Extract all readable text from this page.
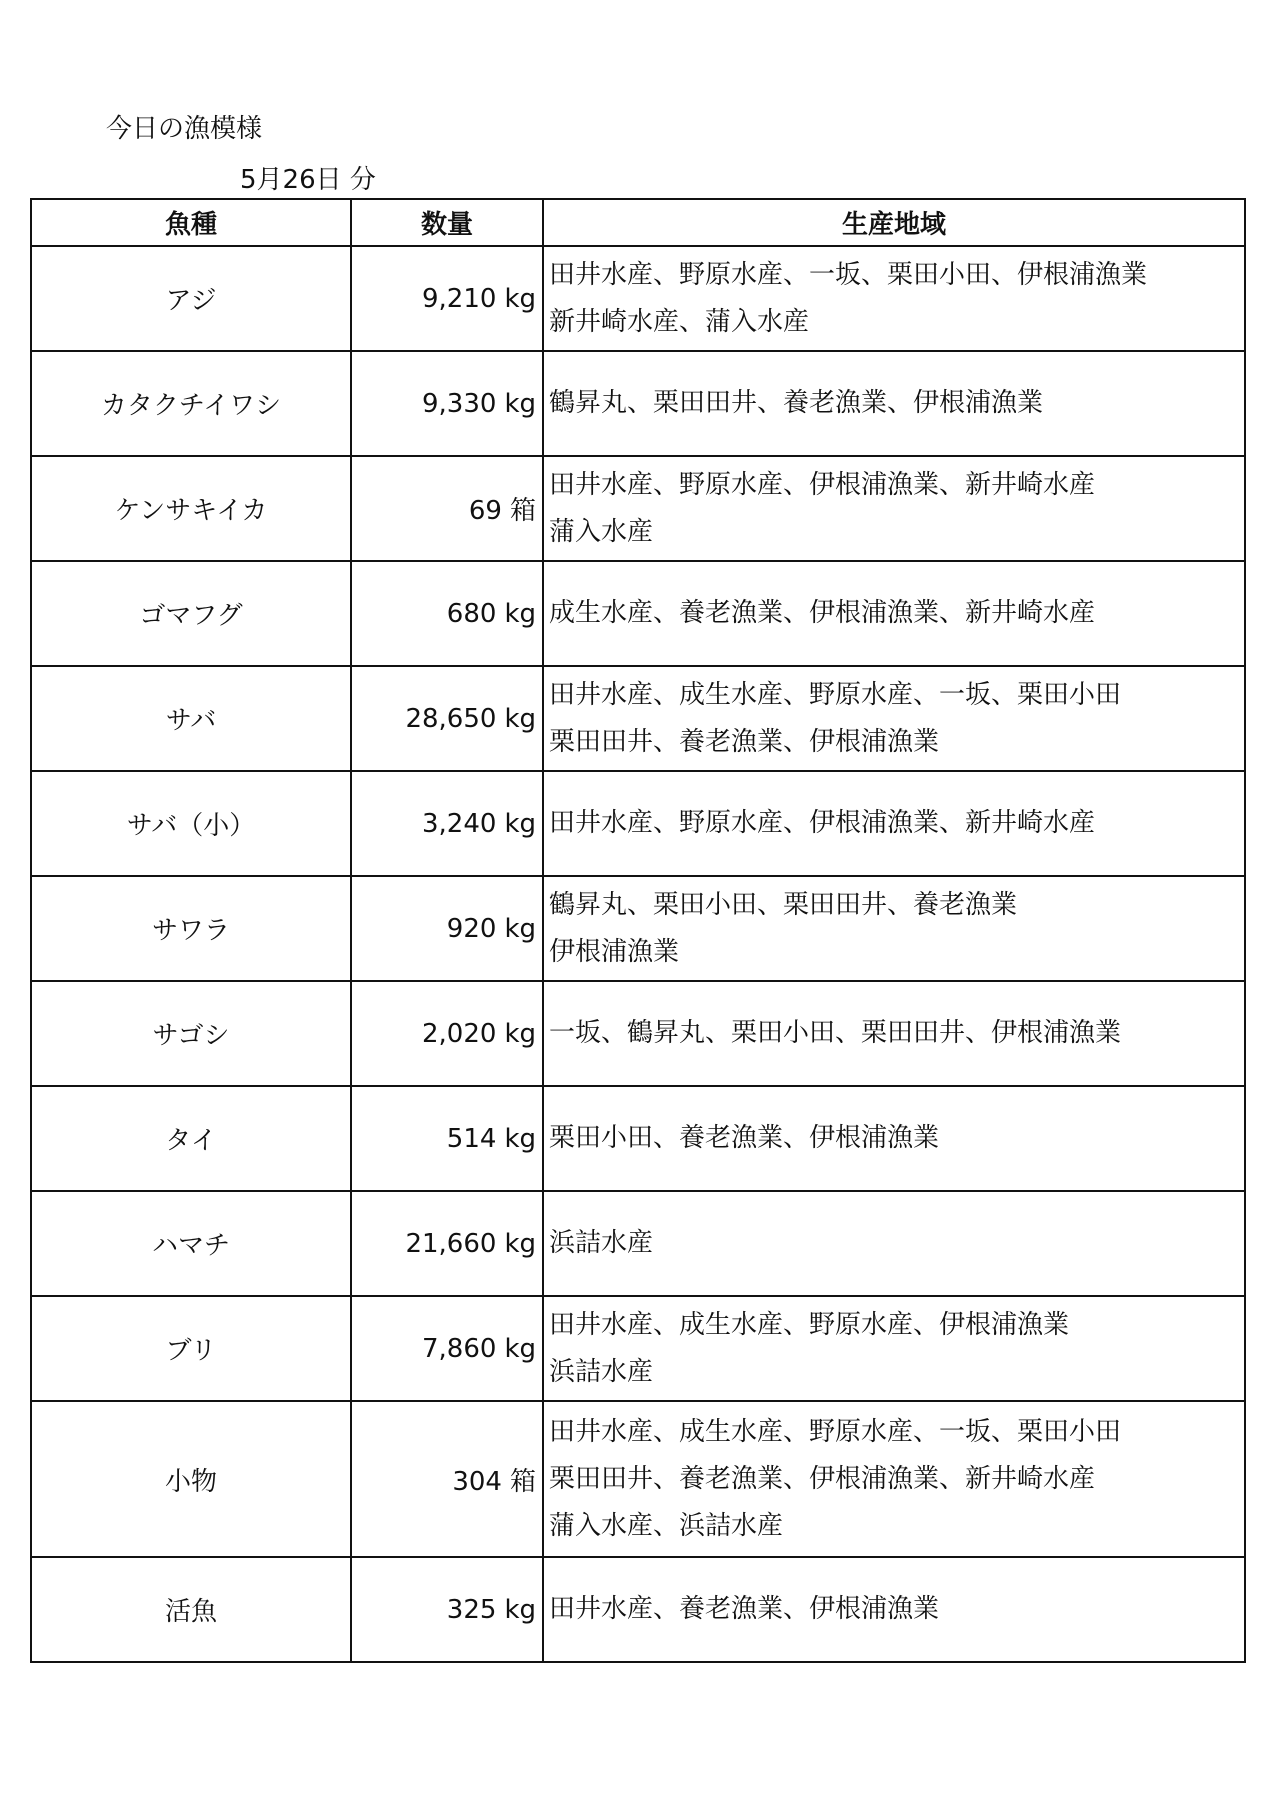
今日の漁模様
5月26日 分
魚種	数量	生産地域
アジ	9,210 kg	田井水産、野原水産、一坂、栗田小田、伊根浦漁業
新井崎水産、蒲入水産

カタクチイワシ	9,330 kg	鶴昇丸、栗田田井、養老漁業、伊根浦漁業

ケンサキイカ	69 箱	田井水産、野原水産、伊根浦漁業、新井崎水産
蒲入水産

ゴマフグ	680 kg	成生水産、養老漁業、伊根浦漁業、新井崎水産

サバ	28,650 kg	田井水産、成生水産、野原水産、一坂、栗田小田
栗田田井、養老漁業、伊根浦漁業

サバ（小）	3,240 kg	田井水産、野原水産、伊根浦漁業、新井崎水産

サワラ	920 kg	鶴昇丸、栗田小田、栗田田井、養老漁業
伊根浦漁業

サゴシ	2,020 kg	一坂、鶴昇丸、栗田小田、栗田田井、伊根浦漁業

タイ	514 kg	栗田小田、養老漁業、伊根浦漁業

ハマチ	21,660 kg	浜詰水産

ブリ	7,860 kg	田井水産、成生水産、野原水産、伊根浦漁業
浜詰水産

小物	304 箱	田井水産、成生水産、野原水産、一坂、栗田小田
栗田田井、養老漁業、伊根浦漁業、新井崎水産
蒲入水産、浜詰水産

活魚	325 kg	田井水産、養老漁業、伊根浦漁業
